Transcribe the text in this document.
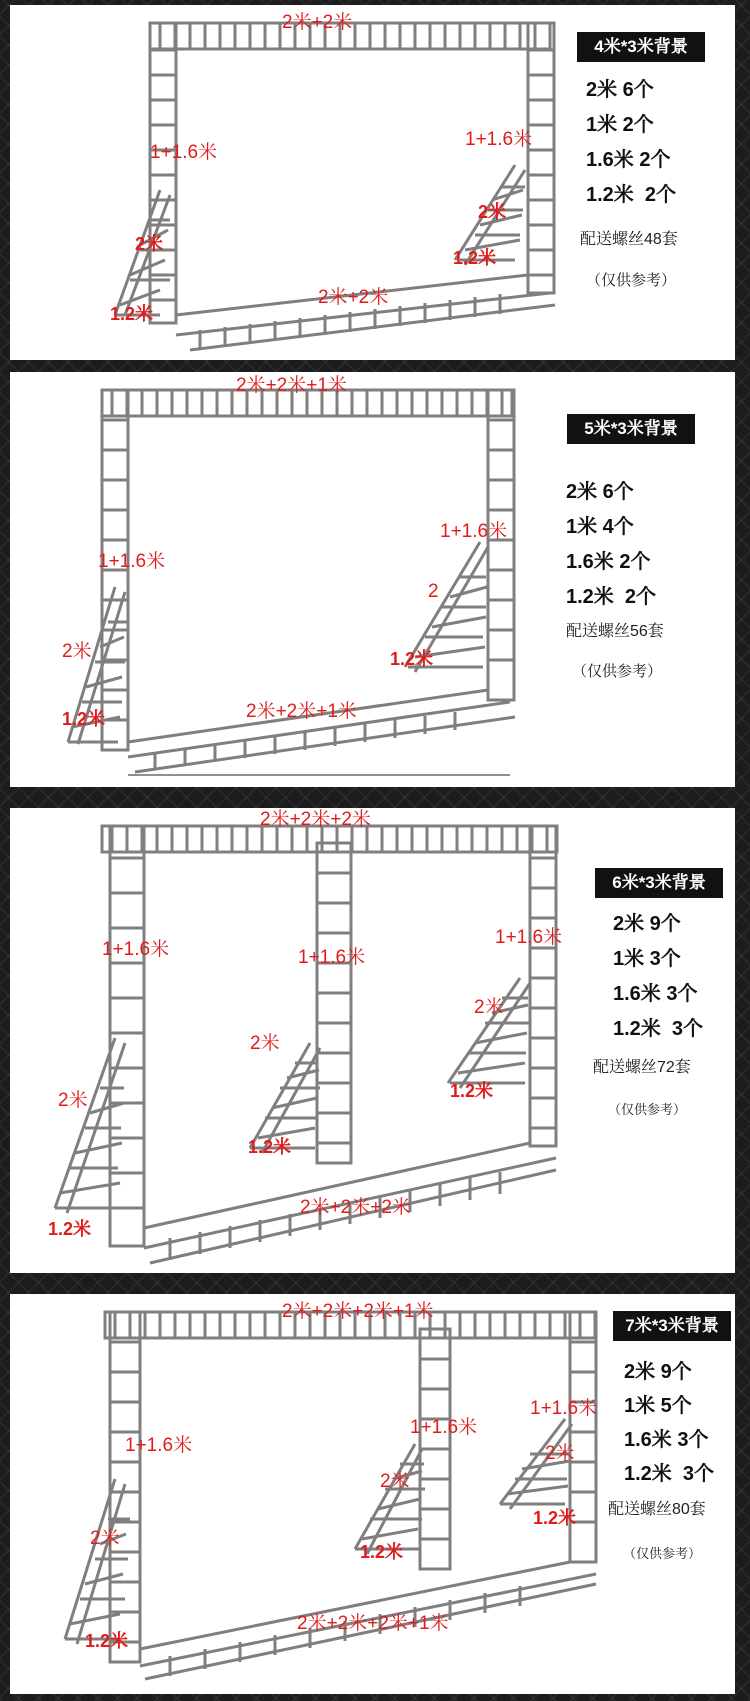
2米+2米
1+1.6米
1+1.6米
2米
2米
1.2米
1.2米
2米+2米
4米*3米背景
2米 6个
1米 2个
1.6米 2个
1.2米  2个
配送螺丝48套
（仅供参考）
2米+2米+1米
1+1.6米
1+1.6米
2米
2
1.2米
1.2米
2米+2米+1米
5米*3米背景
2米 6个
1米 4个
1.6米 2个
1.2米  2个
配送螺丝56套
（仅供参考）
2米+2米+2米
1+1.6米	1+1.6米
1+1.6米
2米
2米
2米
1.2米
1.2米
1.2米
2米+2米+2米
6米*3米背景
2米 9个
1米 3个
1.6米 3个
1.2米  3个
配送螺丝72套
（仅供参考）
2米+2米+2米+1米
1+1.6米
1+1.6米
1+1.6米
2米
2米
2米
1.2米
1.2米
1.2米
2米+2米+2米+1米
7米*3米背景
2米 9个
1米 5个
1.6米 3个
1.2米  3个
配送螺丝80套
（仅供参考）
